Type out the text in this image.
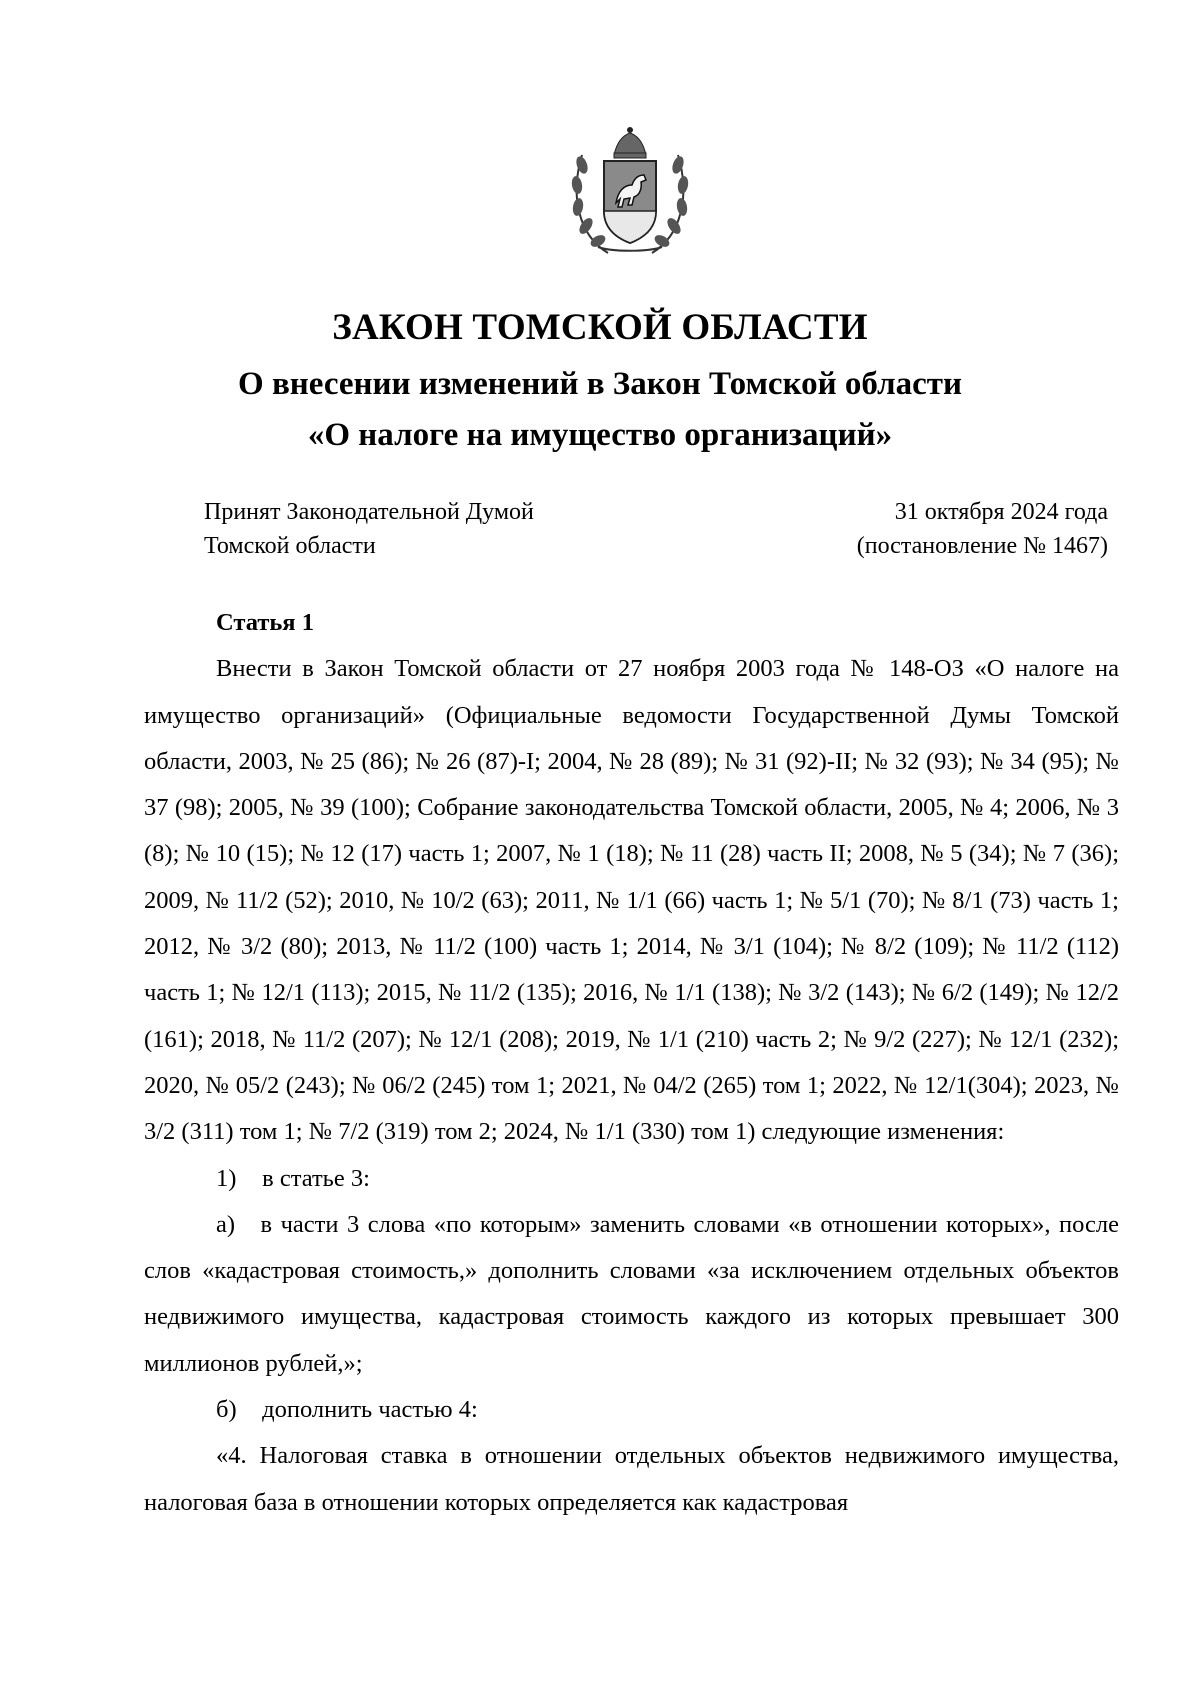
ЗАКОН ТОМСКОЙ ОБЛАСТИ
О внесении изменений в Закон Томской области
«О налоге на имущество организаций»
Принят Законодательной Думой
Томской области
31 октября 2024 года
(постановление № 1467)
Статья 1

Внести в Закон Томской области от 27 ноября 2003 года № 148-ОЗ «О налоге на имущество организаций» (Официальные ведомости Государственной Думы Томской области, 2003, № 25 (86); № 26 (87)-I; 2004, № 28 (89); № 31 (92)-II; № 32 (93); № 34 (95); № 37 (98); 2005, № 39 (100); Собрание законодательства Томской области, 2005, № 4; 2006, № 3 (8); № 10 (15); № 12 (17) часть 1; 2007, № 1 (18); № 11 (28) часть II; 2008, № 5 (34); № 7 (36); 2009, № 11/2 (52); 2010, № 10/2 (63); 2011, № 1/1 (66) часть 1; № 5/1 (70); № 8/1 (73) часть 1; 2012, № 3/2 (80); 2013, № 11/2 (100) часть 1; 2014, № 3/1 (104); № 8/2 (109); № 11/2 (112) часть 1; № 12/1 (113); 2015, № 11/2 (135); 2016, № 1/1 (138); № 3/2 (143); № 6/2 (149); № 12/2 (161); 2018, № 11/2 (207); № 12/1 (208); 2019, № 1/1 (210) часть 2; № 9/2 (227); № 12/1 (232); 2020, № 05/2 (243); № 06/2 (245) том 1; 2021, № 04/2 (265) том 1; 2022, № 12/1(304); 2023, № 3/2 (311) том 1; № 7/2 (319) том 2; 2024, № 1/1 (330) том 1) следующие изменения:

1) в статье 3:

а) в части 3 слова «по которым» заменить словами «в отношении которых», после слов «кадастровая стоимость,» дополнить словами «за исключением отдельных объектов недвижимого имущества, кадастровая стоимость каждого из которых превышает 300 миллионов рублей,»;

б) дополнить частью 4:

«4. Налоговая ставка в отношении отдельных объектов недвижимого имущества, налоговая база в отношении которых определяется как кадастровая
